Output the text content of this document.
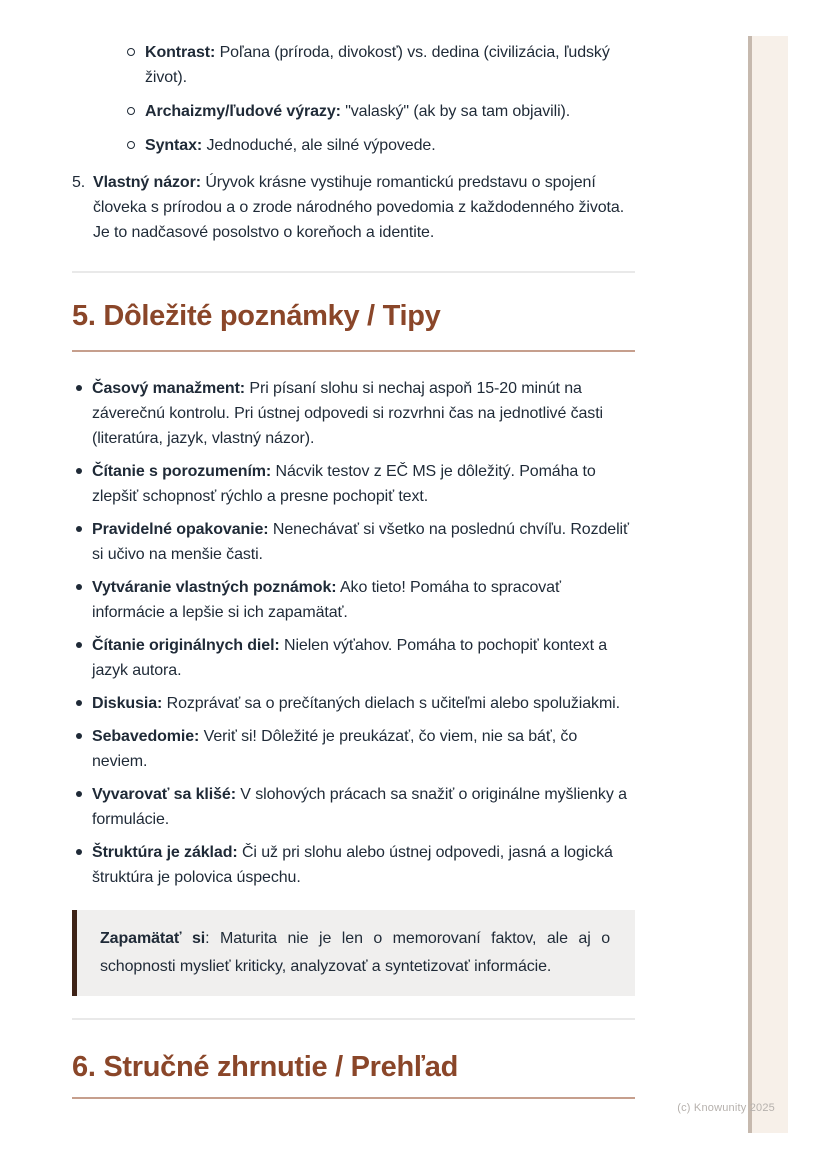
Kontrast: Poľana (príroda, divokosť) vs. dedina (civilizácia, ľudský život).
Archaizmy/ľudové výrazy: "valaský" (ak by sa tam objavili).
Syntax: Jednoduché, ale silné výpovede.
5. Vlastný názor: Úryvok krásne vystihuje romantickú predstavu o spojení človeka s prírodou a o zrode národného povedomia z každodenného života. Je to nadčasové posolstvo o koreňoch a identite.

5. Dôležité poznámky / Tipy
Časový manažment: Pri písaní slohu si nechaj aspoň 15-20 minút na záverečnú kontrolu. Pri ústnej odpovedi si rozvrhni čas na jednotlivé časti (literatúra, jazyk, vlastný názor).
Čítanie s porozumením: Nácvik testov z EČ MS je dôležitý. Pomáha to zlepšiť schopnosť rýchlo a presne pochopiť text.
Pravidelné opakovanie: Nenechávať si všetko na poslednú chvíľu. Rozdeliť si učivo na menšie časti.
Vytváranie vlastných poznámok: Ako tieto! Pomáha to spracovať informácie a lepšie si ich zapamätať.
Čítanie originálnych diel: Nielen výťahov. Pomáha to pochopiť kontext a jazyk autora.
Diskusia: Rozprávať sa o prečítaných dielach s učiteľmi alebo spolužiakmi.
Sebavedomie: Veriť si! Dôležité je preukázať, čo viem, nie sa báť, čo neviem.
Vyvarovať sa klišé: V slohových prácach sa snažiť o originálne myšlienky a formulácie.
Štruktúra je základ: Či už pri slohu alebo ústnej odpovedi, jasná a logická štruktúra je polovica úspechu.

Zapamätať si: Maturita nie je len o memorovaní faktov, ale aj o schopnosti myslieť kriticky, analyzovať a syntetizovať informácie.

6. Stručné zhrnutie / Prehľad
(c) Knowunity 2025
